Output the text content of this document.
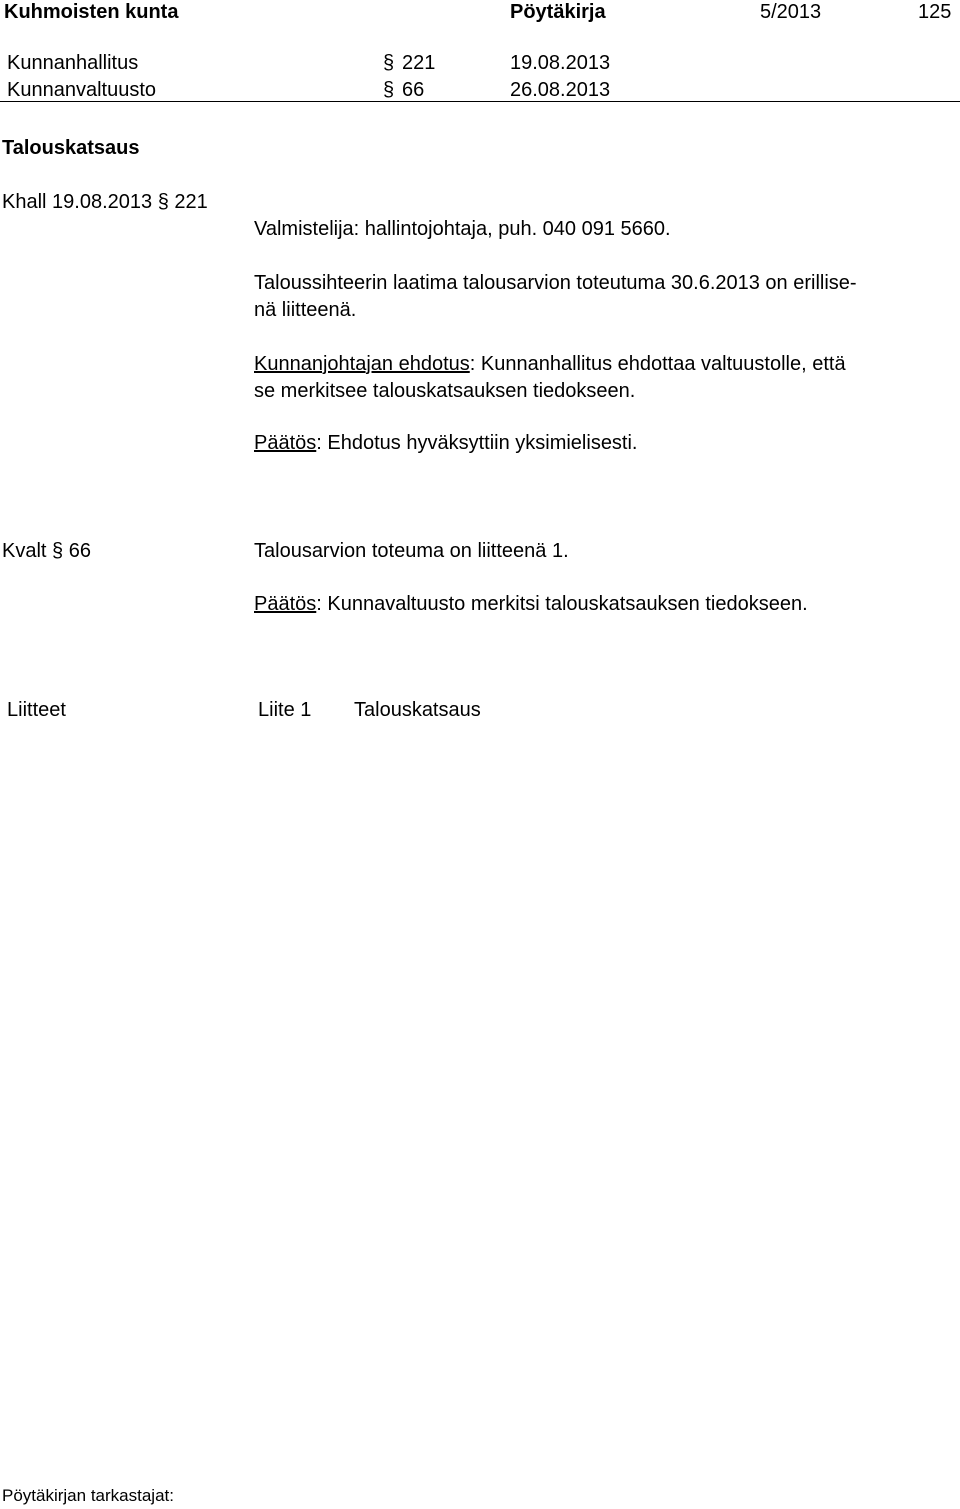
Kuhmoisten kunta	Pöytäkirja	5/2013	125
Kunnanhallitus	§ 221	19.08.2013
Kunnanvaltuusto	§ 66	26.08.2013
Talouskatsaus
Khall 19.08.2013 § 221
Valmistelija: hallintojohtaja, puh. 040 091 5660.
Taloussihteerin laatima talousarvion toteutuma 30.6.2013 on erillise-
nä liitteenä.
Kunnanjohtajan ehdotus: Kunnanhallitus ehdottaa valtuustolle, että
se merkitsee talouskatsauksen tiedokseen.
Päätös: Ehdotus hyväksyttiin yksimielisesti.
Kvalt § 66	Talousarvion toteuma on liitteenä 1.
Päätös: Kunnavaltuusto merkitsi talouskatsauksen tiedokseen.
Liitteet	Liite 1 Talouskatsaus
Pöytäkirjan tarkastajat:
